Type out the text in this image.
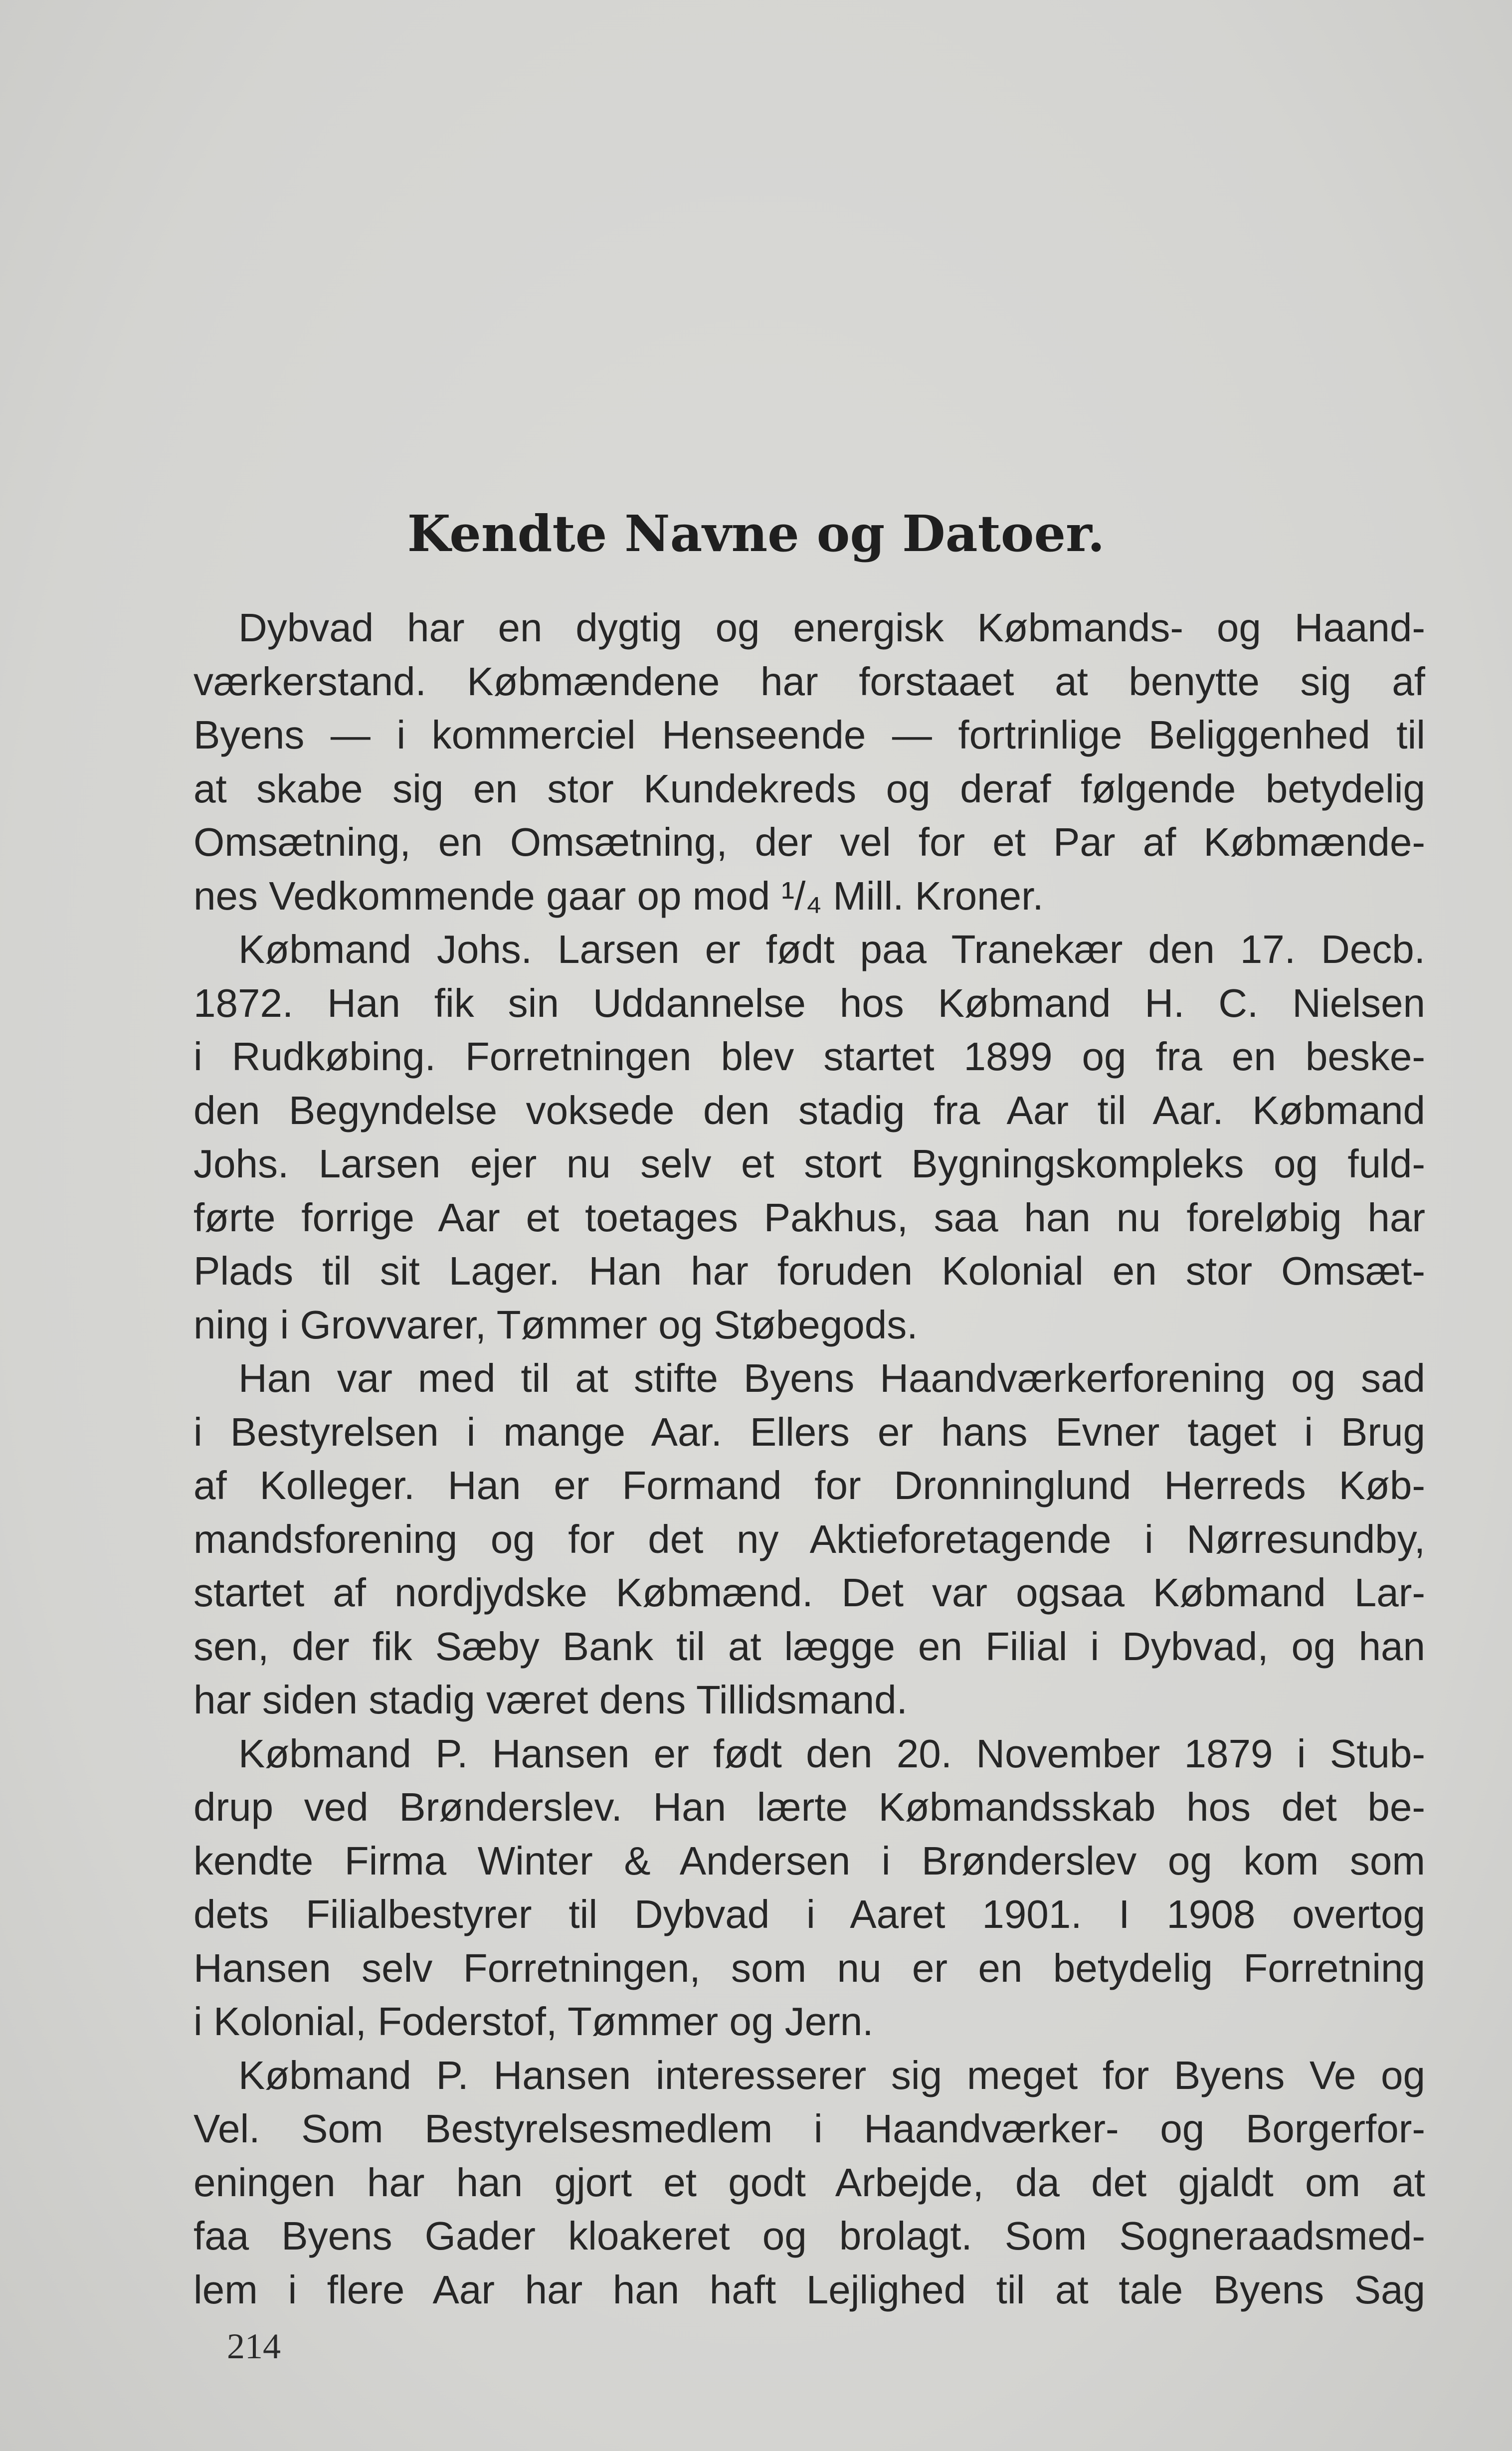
Kendte Navne og Datoer.
Dybvad har en dygtig og energisk Købmands- og Haand-
værkerstand. Købmændene har forstaaet at benytte sig af
Byens — i kommerciel Henseende — fortrinlige Beliggenhed til
at skabe sig en stor Kundekreds og deraf følgende betydelig
Omsætning, en Omsætning, der vel for et Par af Købmænde-
nes Vedkommende gaar op mod ¹/₄ Mill. Kroner.
Købmand Johs. Larsen er født paa Tranekær den 17. Decb.
1872. Han fik sin Uddannelse hos Købmand H. C. Nielsen
i Rudkøbing. Forretningen blev startet 1899 og fra en beske-
den Begyndelse voksede den stadig fra Aar til Aar. Købmand
Johs. Larsen ejer nu selv et stort Bygningskompleks og fuld-
førte forrige Aar et toetages Pakhus, saa han nu foreløbig har
Plads til sit Lager. Han har foruden Kolonial en stor Omsæt-
ning i Grovvarer, Tømmer og Støbegods.
Han var med til at stifte Byens Haandværkerforening og sad
i Bestyrelsen i mange Aar. Ellers er hans Evner taget i Brug
af Kolleger. Han er Formand for Dronninglund Herreds Køb-
mandsforening og for det ny Aktieforetagende i Nørresundby,
startet af nordjydske Købmænd. Det var ogsaa Købmand Lar-
sen, der fik Sæby Bank til at lægge en Filial i Dybvad, og han
har siden stadig været dens Tillidsmand.
Købmand P. Hansen er født den 20. November 1879 i Stub-
drup ved Brønderslev. Han lærte Købmandsskab hos det be-
kendte Firma Winter & Andersen i Brønderslev og kom som
dets Filialbestyrer til Dybvad i Aaret 1901. I 1908 overtog
Hansen selv Forretningen, som nu er en betydelig Forretning
i Kolonial, Foderstof, Tømmer og Jern.
Købmand P. Hansen interesserer sig meget for Byens Ve og
Vel. Som Bestyrelsesmedlem i Haandværker- og Borgerfor-
eningen har han gjort et godt Arbejde, da det gjaldt om at
faa Byens Gader kloakeret og brolagt. Som Sogneraadsmed-
lem i flere Aar har han haft Lejlighed til at tale Byens Sag
214
